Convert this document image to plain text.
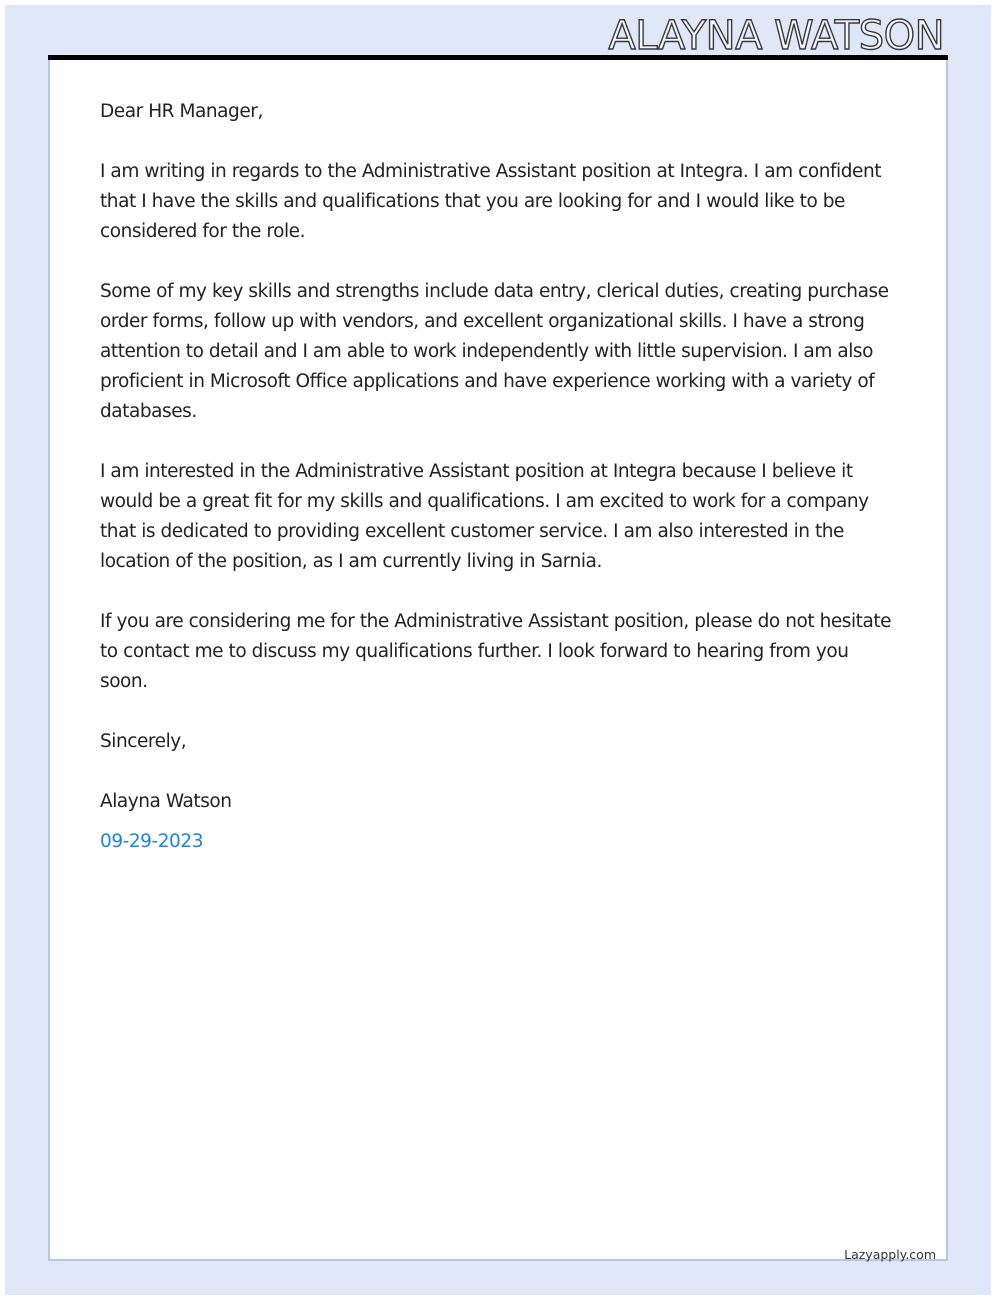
ALAYNA WATSON

Dear HR Manager,

I am writing in regards to the Administrative Assistant position at Integra. I am confident that I have the skills and qualifications that you are looking for and I would like to be considered for the role.

Some of my key skills and strengths include data entry, clerical duties, creating purchase order forms, follow up with vendors, and excellent organizational skills. I have a strong attention to detail and I am able to work independently with little supervision. I am also proficient in Microsoft Office applications and have experience working with a variety of databases.

I am interested in the Administrative Assistant position at Integra because I believe it would be a great fit for my skills and qualifications. I am excited to work for a company that is dedicated to providing excellent customer service. I am also interested in the location of the position, as I am currently living in Sarnia.

If you are considering me for the Administrative Assistant position, please do not hesitate to contact me to discuss my qualifications further. I look forward to hearing from you soon.

Sincerely,

Alayna Watson

09-29-2023

Lazyapply.com
